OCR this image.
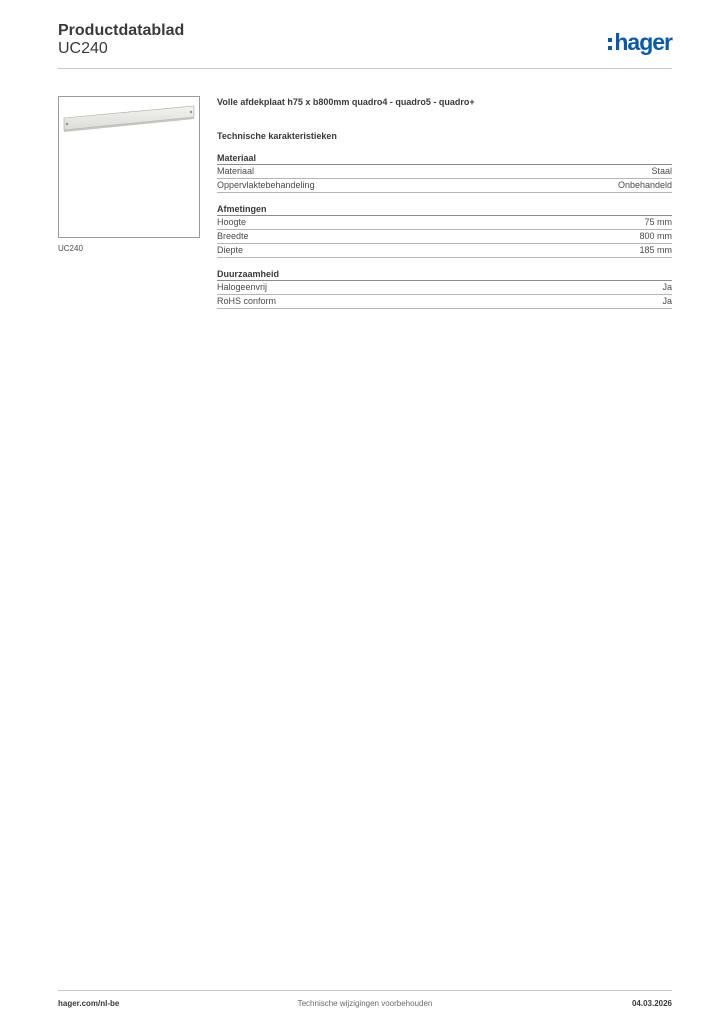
Productdatablad
UC240	hager
UC240
Volle afdekplaat h75 x b800mm quadro4 - quadro5 - quadro+
Technische karakteristieken
Materiaal
Materiaal	Staal
Oppervlaktebehandeling	Onbehandeld
Afmetingen
Hoogte	75 mm
Breedte	800 mm
Diepte	185 mm
Duurzaamheid
Halogeenvrij	Ja
RoHS conform	Ja
hager.com/nl-be	Technische wijzigingen voorbehouden	04.03.2026
